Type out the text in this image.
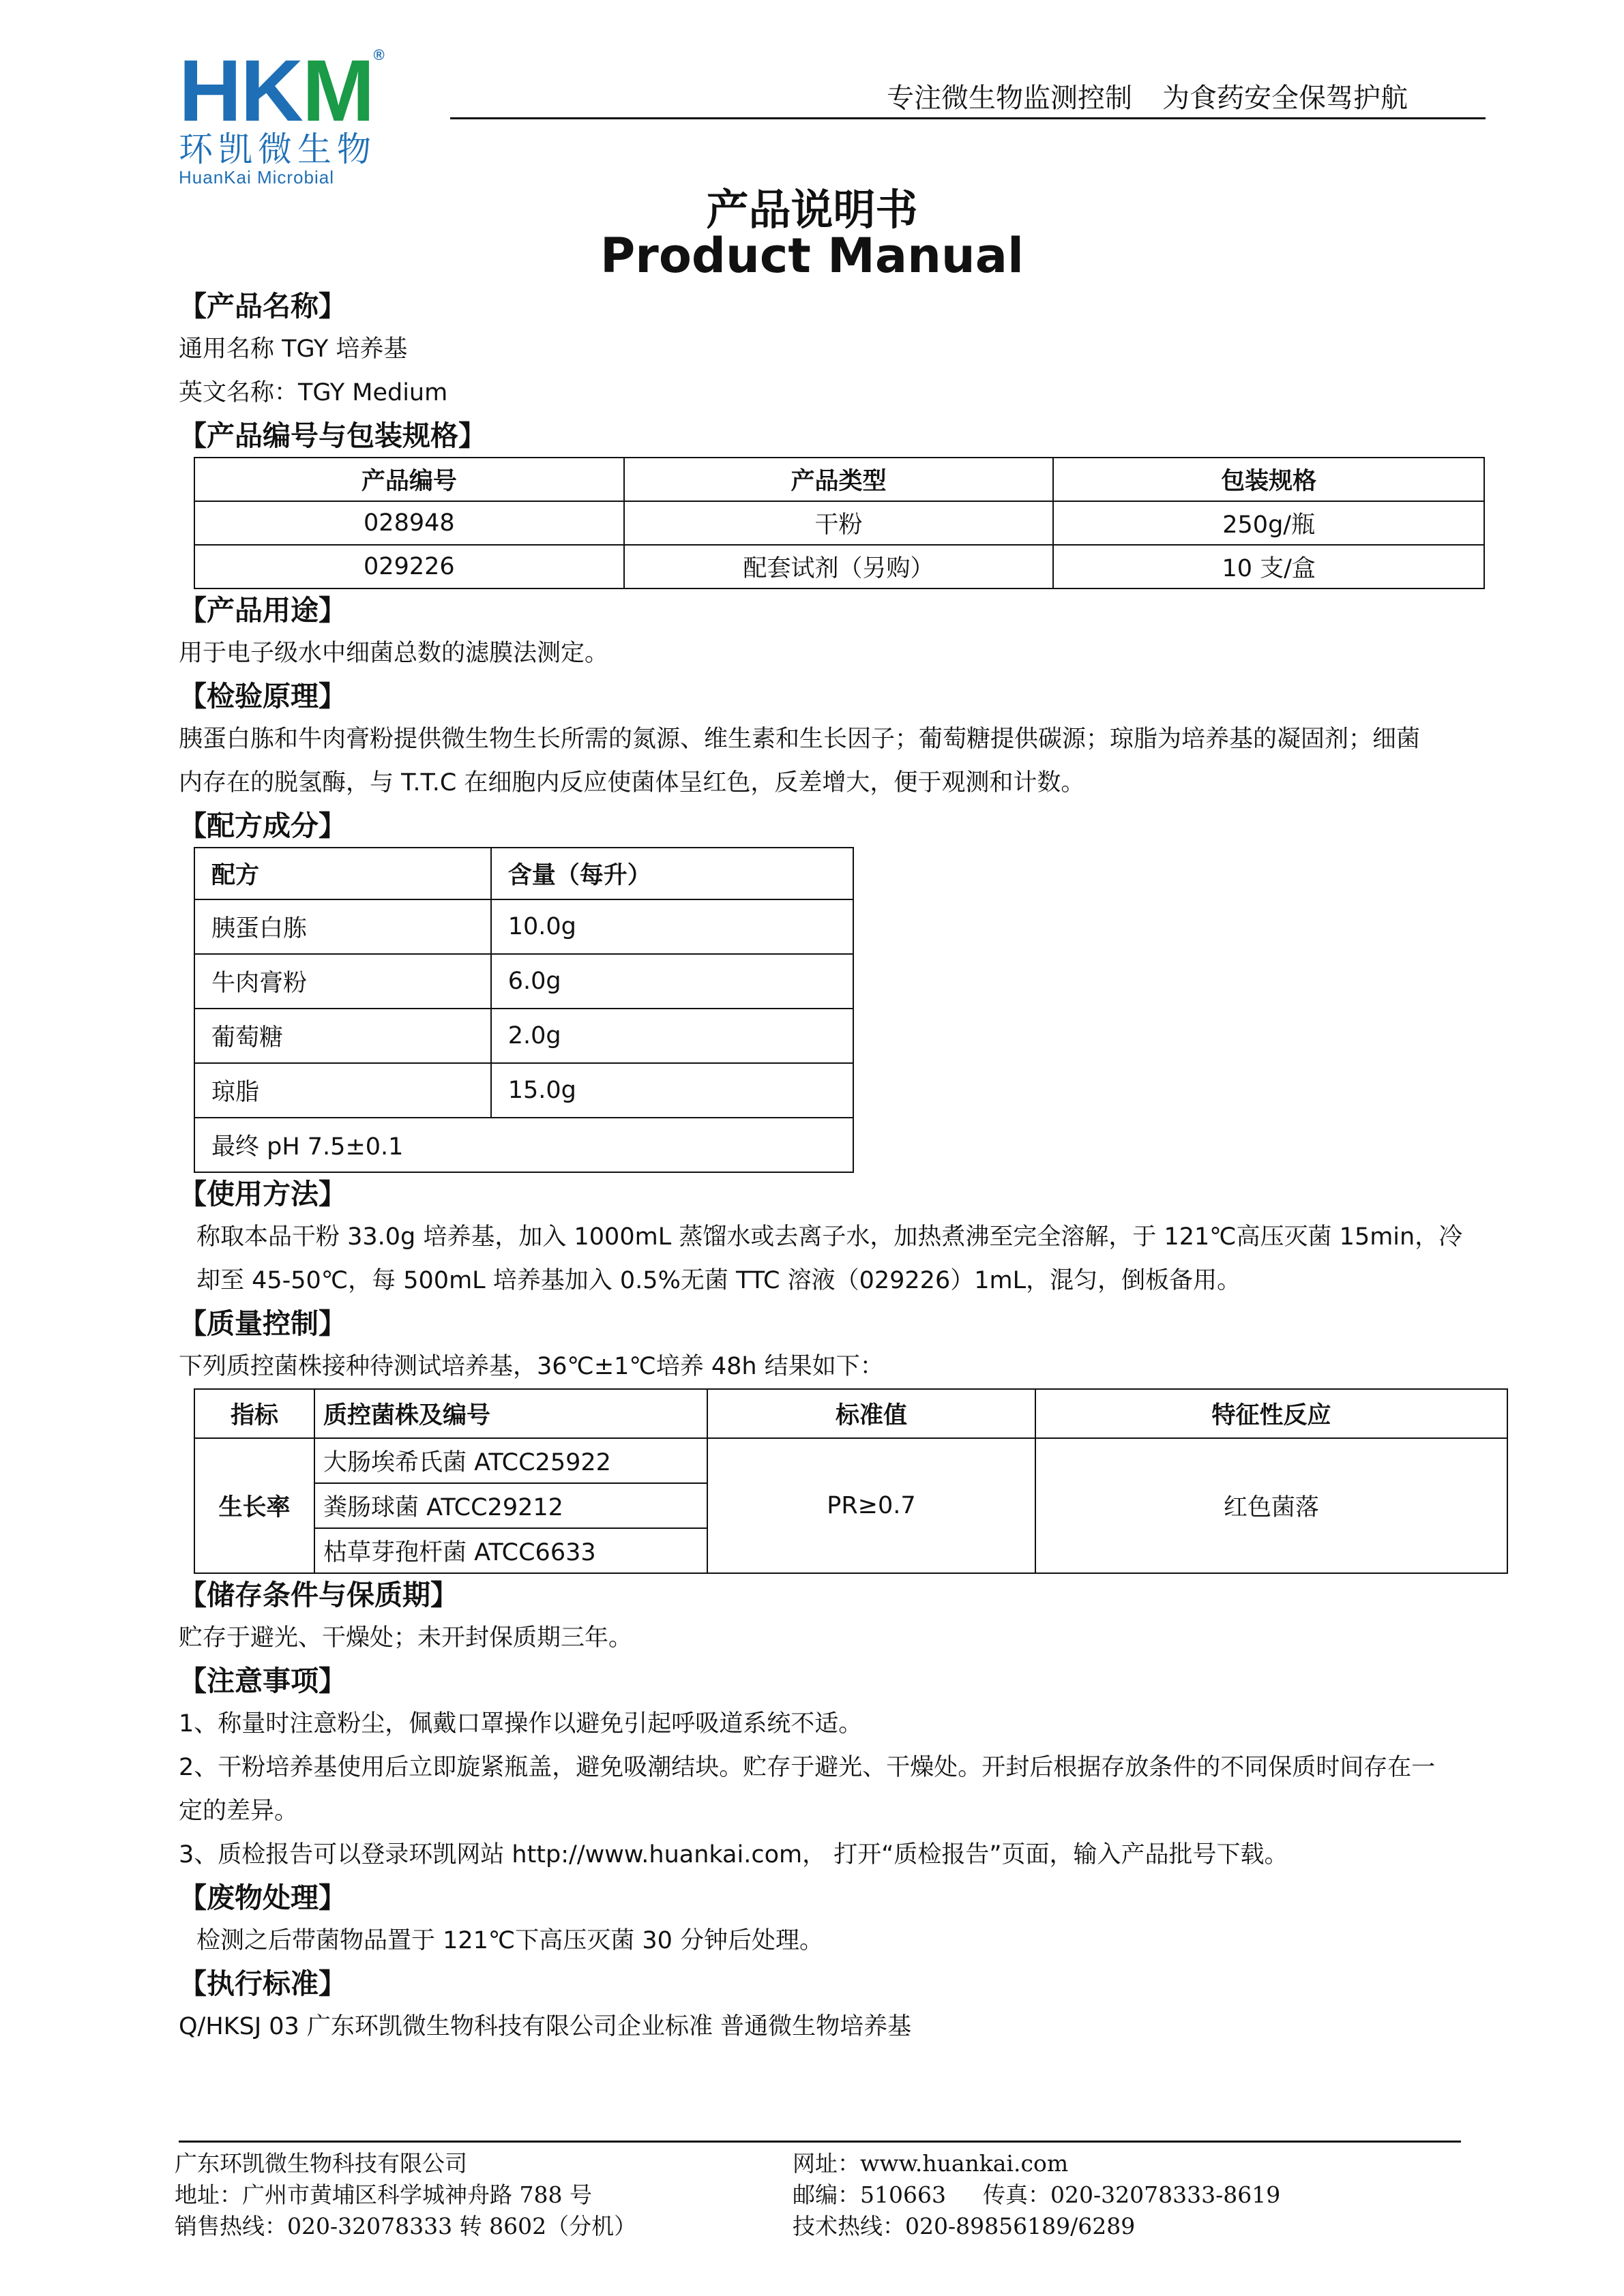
HKM®
环凯微生物
HuanKai Microbial
专注微生物监测控制 为食药安全保驾护航
产品说明书
Product Manual
【产品名称】
通用名称 TGY 培养基
英文名称：TGY Medium
【产品编号与包装规格】
产品编号	产品类型	包装规格
028948	干粉	250g/瓶
029226	配套试剂（另购）	10 支/盒
【产品用途】
用于电子级水中细菌总数的滤膜法测定。
【检验原理】
胰蛋白胨和牛肉膏粉提供微生物生长所需的氮源、维生素和生长因子；葡萄糖提供碳源；琼脂为培养基的凝固剂；细菌
内存在的脱氢酶，与 T.T.C 在细胞内反应使菌体呈红色，反差增大，便于观测和计数。
【配方成分】
配方	含量（每升）
胰蛋白胨	10.0g
牛肉膏粉	6.0g
葡萄糖	2.0g
琼脂	15.0g
最终 pH 7.5±0.1	
【使用方法】
称取本品干粉 33.0g 培养基，加入 1000mL 蒸馏水或去离子水，加热煮沸至完全溶解，于 121℃高压灭菌 15min，冷
却至 45-50℃，每 500mL 培养基加入 0.5%无菌 TTC 溶液（029226）1mL，混匀，倒板备用。
【质量控制】
下列质控菌株接种待测试培养基，36℃±1℃培养 48h 结果如下：
指标	质控菌株及编号	标准值	特征性反应
生长率	大肠埃希氏菌 ATCC25922	PR≥0.7	红色菌落
	粪肠球菌 ATCC29212		
	枯草芽孢杆菌 ATCC6633		
【储存条件与保质期】
贮存于避光、干燥处；未开封保质期三年。
【注意事项】
1、称量时注意粉尘，佩戴口罩操作以避免引起呼吸道系统不适。
2、干粉培养基使用后立即旋紧瓶盖，避免吸潮结块。贮存于避光、干燥处。开封后根据存放条件的不同保质时间存在一
定的差异。
3、质检报告可以登录环凯网站 http://www.huankai.com， 打开“质检报告”页面，输入产品批号下载。
【废物处理】
检测之后带菌物品置于 121℃下高压灭菌 30 分钟后处理。
【执行标准】
Q/HKSJ 03 广东环凯微生物科技有限公司企业标准 普通微生物培养基
广东环凯微生物科技有限公司
地址：广州市黄埔区科学城神舟路 788 号
销售热线：020-32078333 转 8602（分机）
网址：www.huankai.com
邮编：510663 传真：020-32078333-8619
技术热线：020-89856189/6289
